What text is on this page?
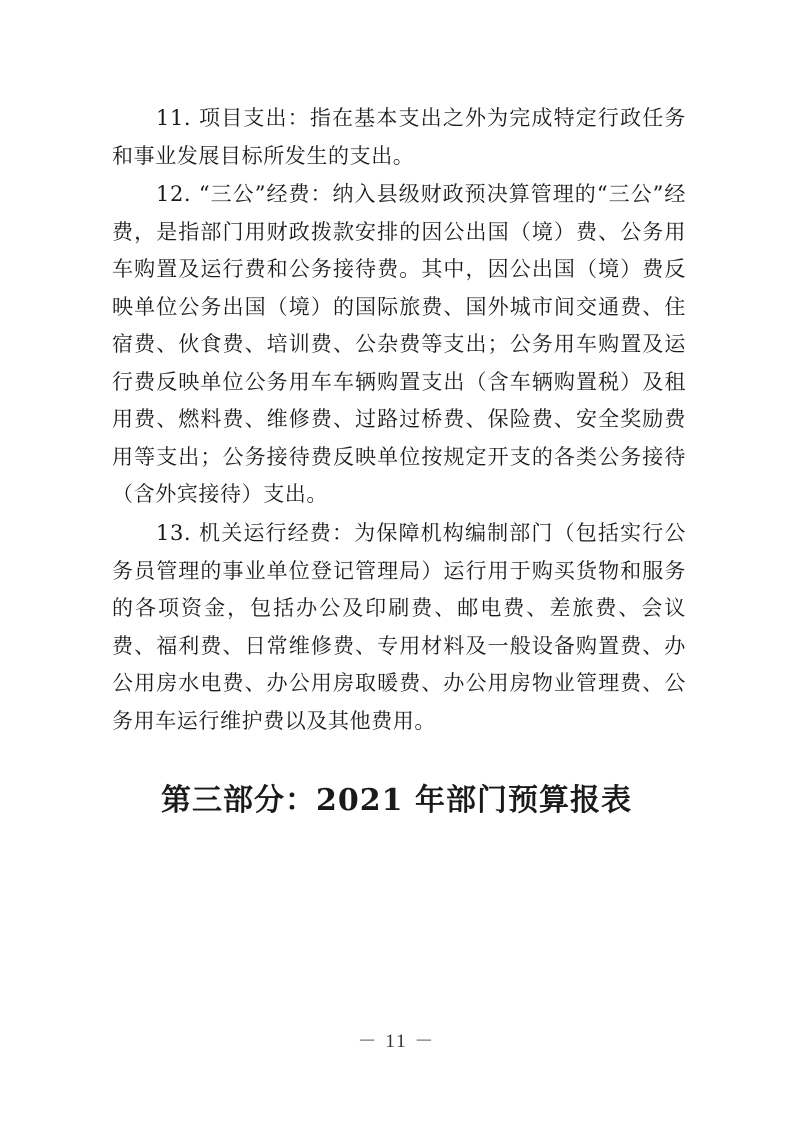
11. 项目支出：指在基本支出之外为完成特定行政任务和事业发展目标所发生的支出。

12. “三公”经费：纳入县级财政预决算管理的“三公”经费，是指部门用财政拨款安排的因公出国（境）费、公务用车购置及运行费和公务接待费。其中，因公出国（境）费反映单位公务出国（境）的国际旅费、国外城市间交通费、住宿费、伙食费、培训费、公杂费等支出；公务用车购置及运行费反映单位公务用车车辆购置支出（含车辆购置税）及租用费、燃料费、维修费、过路过桥费、保险费、安全奖励费用等支出；公务接待费反映单位按规定开支的各类公务接待（含外宾接待）支出。

13. 机关运行经费：为保障机构编制部门（包括实行公务员管理的事业单位登记管理局）运行用于购买货物和服务的各项资金，包括办公及印刷费、邮电费、差旅费、会议费、福利费、日常维修费、专用材料及一般设备购置费、办公用房水电费、办公用房取暖费、办公用房物业管理费、公务用车运行维护费以及其他费用。

第三部分：2021 年部门预算报表
－ 11 －
